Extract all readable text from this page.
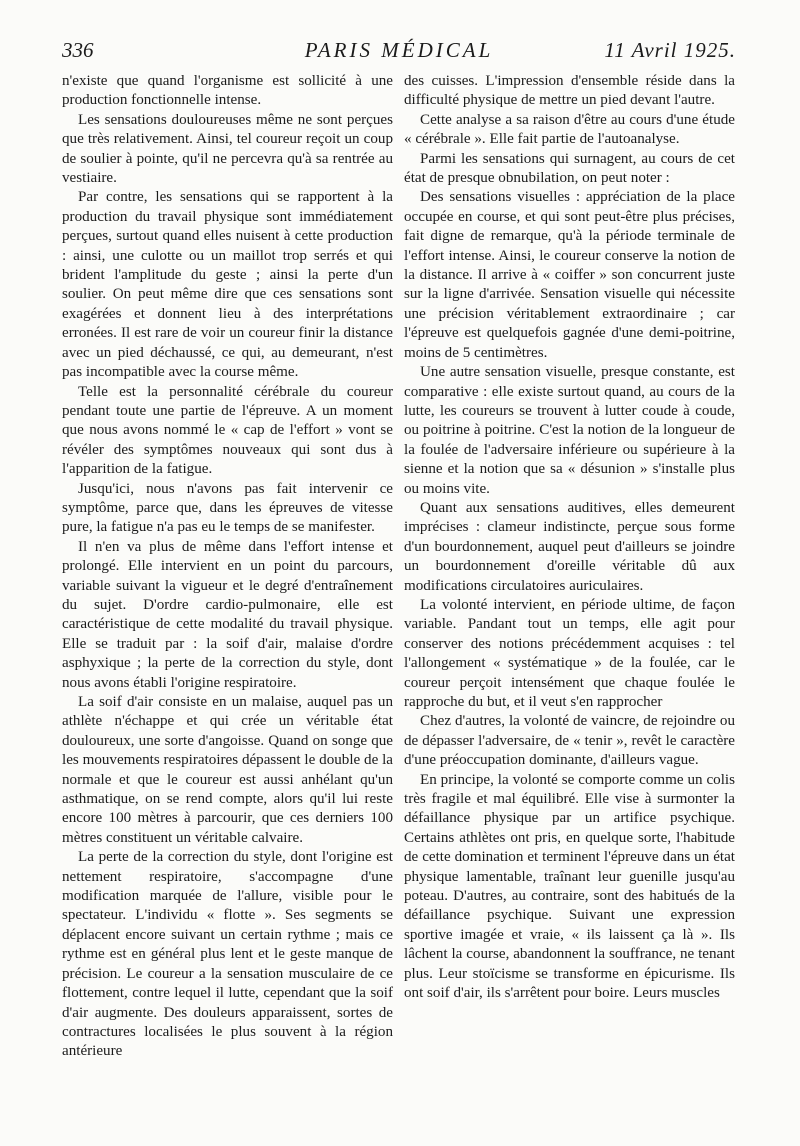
336	PARIS MÉDICAL	11 Avril 1925.

n'existe que quand l'organisme est sollicité à une production fonctionnelle intense.

Les sensations douloureuses même ne sont perçues que très relativement. Ainsi, tel coureur reçoit un coup de soulier à pointe, qu'il ne percevra qu'à sa rentrée au vestiaire.

Par contre, les sensations qui se rapportent à la production du travail physique sont immédiatement perçues, surtout quand elles nuisent à cette production : ainsi, une culotte ou un maillot trop serrés et qui brident l'amplitude du geste ; ainsi la perte d'un soulier. On peut même dire que ces sensations sont exagérées et donnent lieu à des interprétations erronées. Il est rare de voir un coureur finir la distance avec un pied déchaussé, ce qui, au demeurant, n'est pas incompatible avec la course même.

Telle est la personnalité cérébrale du coureur pendant toute une partie de l'épreuve. A un moment que nous avons nommé le « cap de l'effort » vont se révéler des symptômes nouveaux qui sont dus à l'apparition de la fatigue.

Jusqu'ici, nous n'avons pas fait intervenir ce symptôme, parce que, dans les épreuves de vitesse pure, la fatigue n'a pas eu le temps de se manifester.

Il n'en va plus de même dans l'effort intense et prolongé. Elle intervient en un point du parcours, variable suivant la vigueur et le degré d'entraînement du sujet. D'ordre cardio-pulmonaire, elle est caractéristique de cette modalité du travail physique. Elle se traduit par : la soif d'air, malaise d'ordre asphyxique ; la perte de la correction du style, dont nous avons établi l'origine respiratoire.

La soif d'air consiste en un malaise, auquel pas un athlète n'échappe et qui crée un véritable état douloureux, une sorte d'angoisse. Quand on songe que les mouvements respiratoires dépassent le double de la normale et que le coureur est aussi anhélant qu'un asthmatique, on se rend compte, alors qu'il lui reste encore 100 mètres à parcourir, que ces derniers 100 mètres constituent un véritable calvaire.

La perte de la correction du style, dont l'origine est nettement respiratoire, s'accompagne d'une modification marquée de l'allure, visible pour le spectateur. L'individu « flotte ». Ses segments se déplacent encore suivant un certain rythme ; mais ce rythme est en général plus lent et le geste manque de précision. Le coureur a la sensation musculaire de ce flottement, contre lequel il lutte, cependant que la soif d'air augmente. Des douleurs apparaissent, sortes de contractures localisées le plus souvent à la région antérieure

des cuisses. L'impression d'ensemble réside dans la difficulté physique de mettre un pied devant l'autre.

Cette analyse a sa raison d'être au cours d'une étude « cérébrale ». Elle fait partie de l'autoanalyse.

Parmi les sensations qui surnagent, au cours de cet état de presque obnubilation, on peut noter :

Des sensations visuelles : appréciation de la place occupée en course, et qui sont peut-être plus précises, fait digne de remarque, qu'à la période terminale de l'effort intense. Ainsi, le coureur conserve la notion de la distance. Il arrive à « coiffer » son concurrent juste sur la ligne d'arrivée. Sensation visuelle qui nécessite une précision véritablement extraordinaire ; car l'épreuve est quelquefois gagnée d'une demi-poitrine, moins de 5 centimètres.

Une autre sensation visuelle, presque constante, est comparative : elle existe surtout quand, au cours de la lutte, les coureurs se trouvent à lutter coude à coude, ou poitrine à poitrine. C'est la notion de la longueur de la foulée de l'adversaire inférieure ou supérieure à la sienne et la notion que sa « désunion » s'installe plus ou moins vite.

Quant aux sensations auditives, elles demeurent imprécises : clameur indistincte, perçue sous forme d'un bourdonnement, auquel peut d'ailleurs se joindre un bourdonnement d'oreille véritable dû aux modifications circulatoires auriculaires.

La volonté intervient, en période ultime, de façon variable. Pandant tout un temps, elle agit pour conserver des notions précédemment acquises : tel l'allongement « systématique » de la foulée, car le coureur perçoit intensément que chaque foulée le rapproche du but, et il veut s'en rapprocher

Chez d'autres, la volonté de vaincre, de rejoindre ou de dépasser l'adversaire, de « tenir », revêt le caractère d'une préoccupation dominante, d'ailleurs vague.

En principe, la volonté se comporte comme un colis très fragile et mal équilibré. Elle vise à surmonter la défaillance physique par un artifice psychique. Certains athlètes ont pris, en quelque sorte, l'habitude de cette domination et terminent l'épreuve dans un état physique lamentable, traînant leur guenille jusqu'au poteau. D'autres, au contraire, sont des habitués de la défaillance psychique. Suivant une expression sportive imagée et vraie, « ils laissent ça là ». Ils lâchent la course, abandonnent la souffrance, ne tenant plus. Leur stoïcisme se transforme en épicurisme. Ils ont soif d'air, ils s'arrêtent pour boire. Leurs muscles
